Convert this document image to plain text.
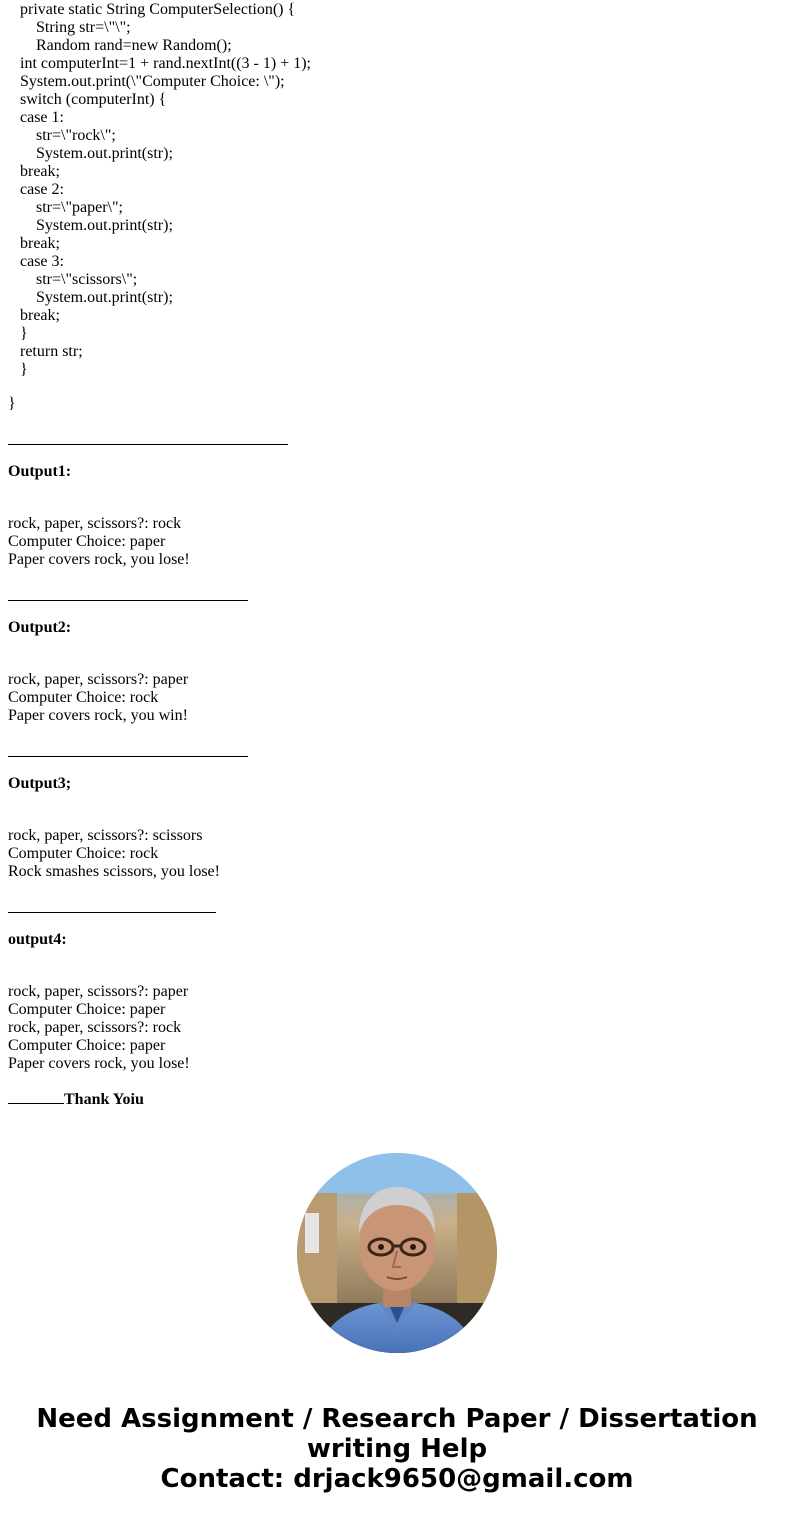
private static String ComputerSelection() {
String str=\"\";
Random rand=new Random();
int computerInt=1 + rand.nextInt((3 - 1) + 1);
System.out.print(\"Computer Choice: \");
switch (computerInt) {
case 1:
str=\"rock\";
System.out.print(str);
break;
case 2:
str=\"paper\";
System.out.print(str);
break;
case 3:
str=\"scissors\";
System.out.print(str);
break;
}
return str;
}
}
Output1:
rock, paper, scissors?: rock
Computer Choice: paper
Paper covers rock, you lose!
Output2:
rock, paper, scissors?: paper
Computer Choice: rock
Paper covers rock, you win!
Output3;
rock, paper, scissors?: scissors
Computer Choice: rock
Rock smashes scissors, you lose!
output4:
rock, paper, scissors?: paper
Computer Choice: paper
rock, paper, scissors?: rock
Computer Choice: paper
Paper covers rock, you lose!
Thank Yoiu
Need Assignment / Research Paper / Dissertation
writing Help
Contact: drjack9650@gmail.com
